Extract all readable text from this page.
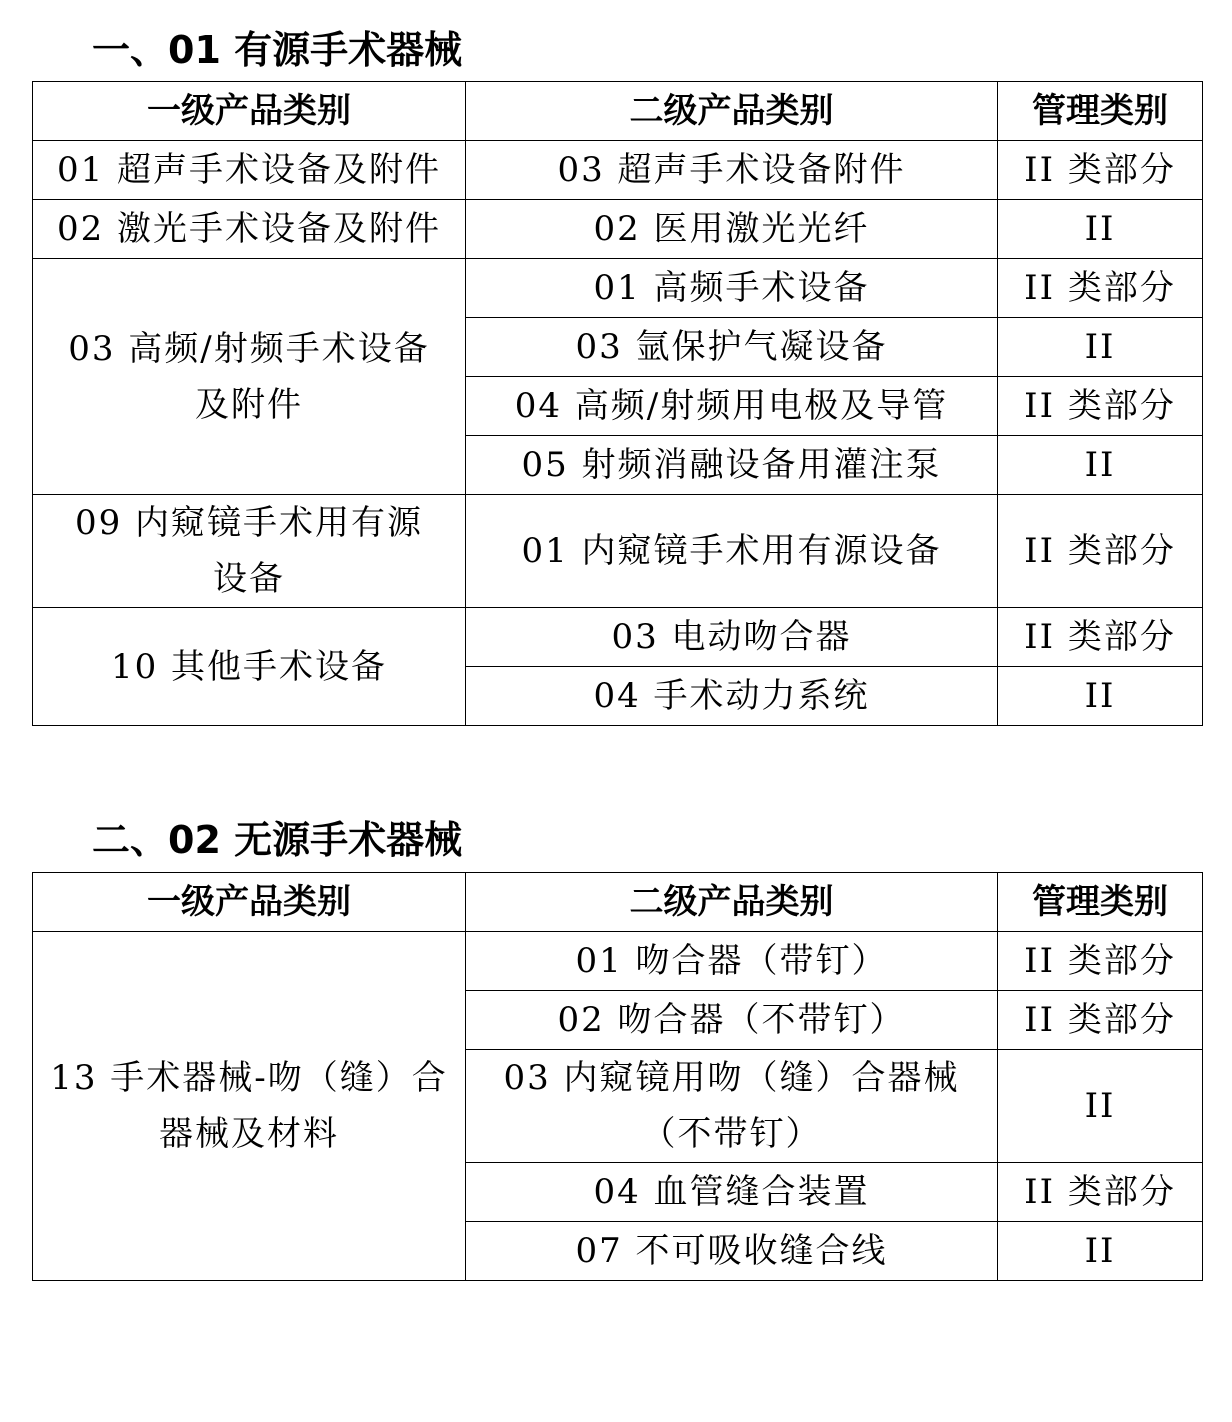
一、01 有源手术器械
一级产品类别	二级产品类别	管理类别
01 超声手术设备及附件	03 超声手术设备附件	II 类部分
02 激光手术设备及附件	02 医用激光光纤	II
03 高频/射频手术设备及附件	01 高频手术设备	II 类部分
	03 氩保护气凝设备	II
	04 高频/射频用电极及导管	II 类部分
	05 射频消融设备用灌注泵	II
09 内窥镜手术用有源设备	01 内窥镜手术用有源设备	II 类部分
10 其他手术设备	03 电动吻合器	II 类部分
	04 手术动力系统	II
二、02 无源手术器械
一级产品类别	二级产品类别	管理类别
13 手术器械-吻（缝）合器械及材料	01 吻合器（带钉）	II 类部分
	02 吻合器（不带钉）	II 类部分
	03 内窥镜用吻（缝）合器械（不带钉）	II
	04 血管缝合装置	II 类部分
	07 不可吸收缝合线	II
